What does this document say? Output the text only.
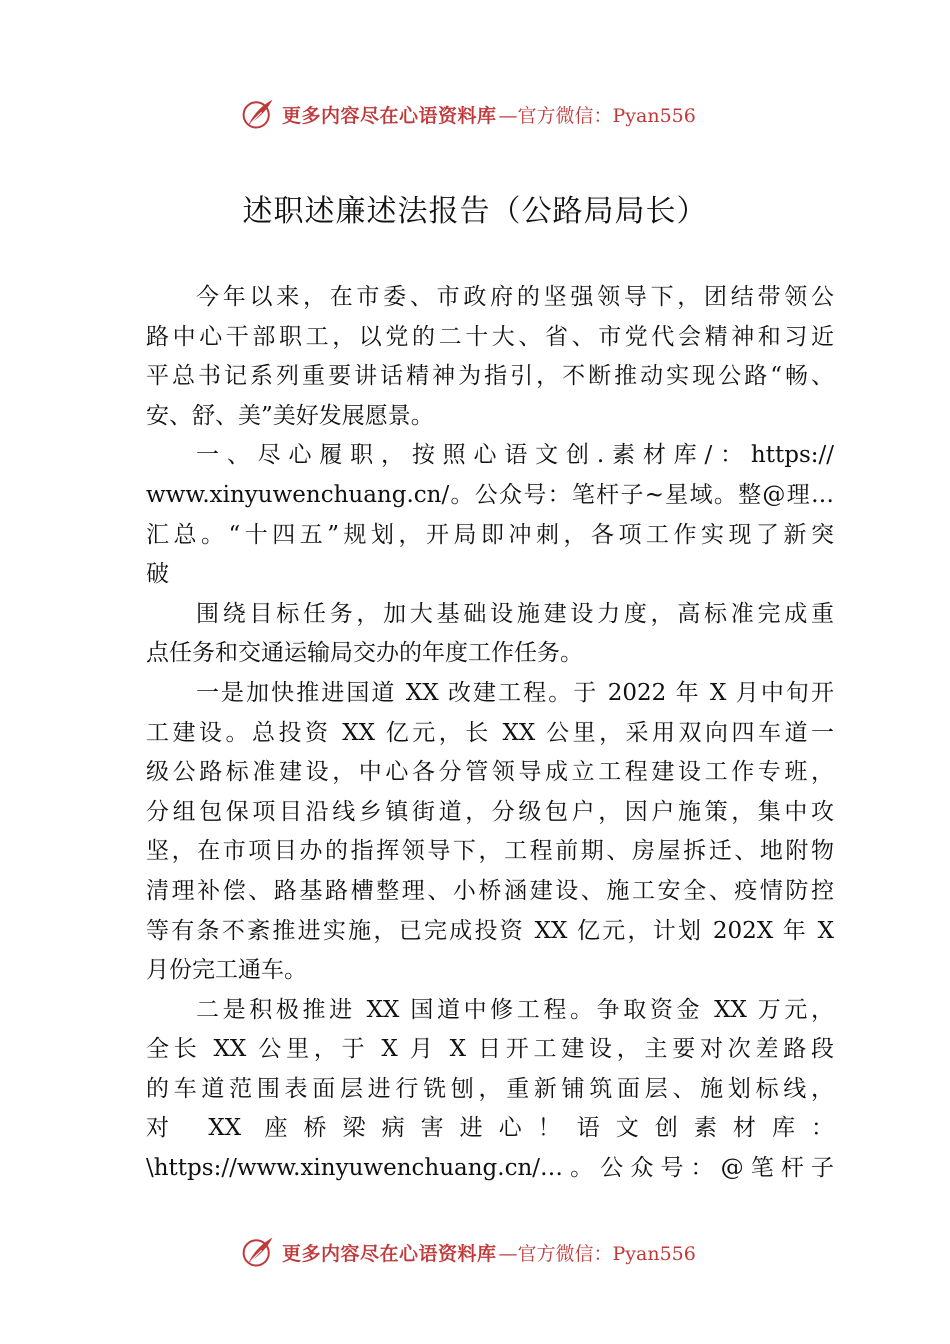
更多内容尽在心语资料库 —官方微信：Pyan556
述职述廉述法报告（公路局局长）
今年以来，在市委、市政府的坚强领导下，团结带领公
路中心干部职工，以党的二十大、省、市党代会精神和习近
平总书记系列重要讲话精神为指引，不断推动实现公路“畅、
安、舒、美”美好发展愿景。
一、尽心履职，按照心语文创.素材库/：https://
www.xinyuwenchuang.cn/。公众号：笔杆子~星域。整@理…
汇总。“十四五”规划，开局即冲刺，各项工作实现了新突
破
围绕目标任务，加大基础设施建设力度，高标准完成重
点任务和交通运输局交办的年度工作任务。
一是加快推进国道 XX 改建工程。于 2022 年 X 月中旬开
工建设。总投资 XX 亿元，长 XX 公里，采用双向四车道一
级公路标准建设，中心各分管领导成立工程建设工作专班，
分组包保项目沿线乡镇街道，分级包户，因户施策，集中攻
坚，在市项目办的指挥领导下，工程前期、房屋拆迁、地附物
清理补偿、路基路槽整理、小桥涵建设、施工安全、疫情防控
等有条不紊推进实施，已完成投资 XX 亿元，计划 202X 年 X
月份完工通车。
二是积极推进 XX 国道中修工程。争取资金 XX 万元，
全长 XX 公里，于 X 月 X 日开工建设，主要对次差路段
的车道范围表面层进行铣刨，重新铺筑面层、施划标线，
对 XX 座桥梁病害进心！语文创素材库：
\https://www.xinyuwenchuang.cn/…。公众号：@笔杆子
更多内容尽在心语资料库 —官方微信：Pyan556
